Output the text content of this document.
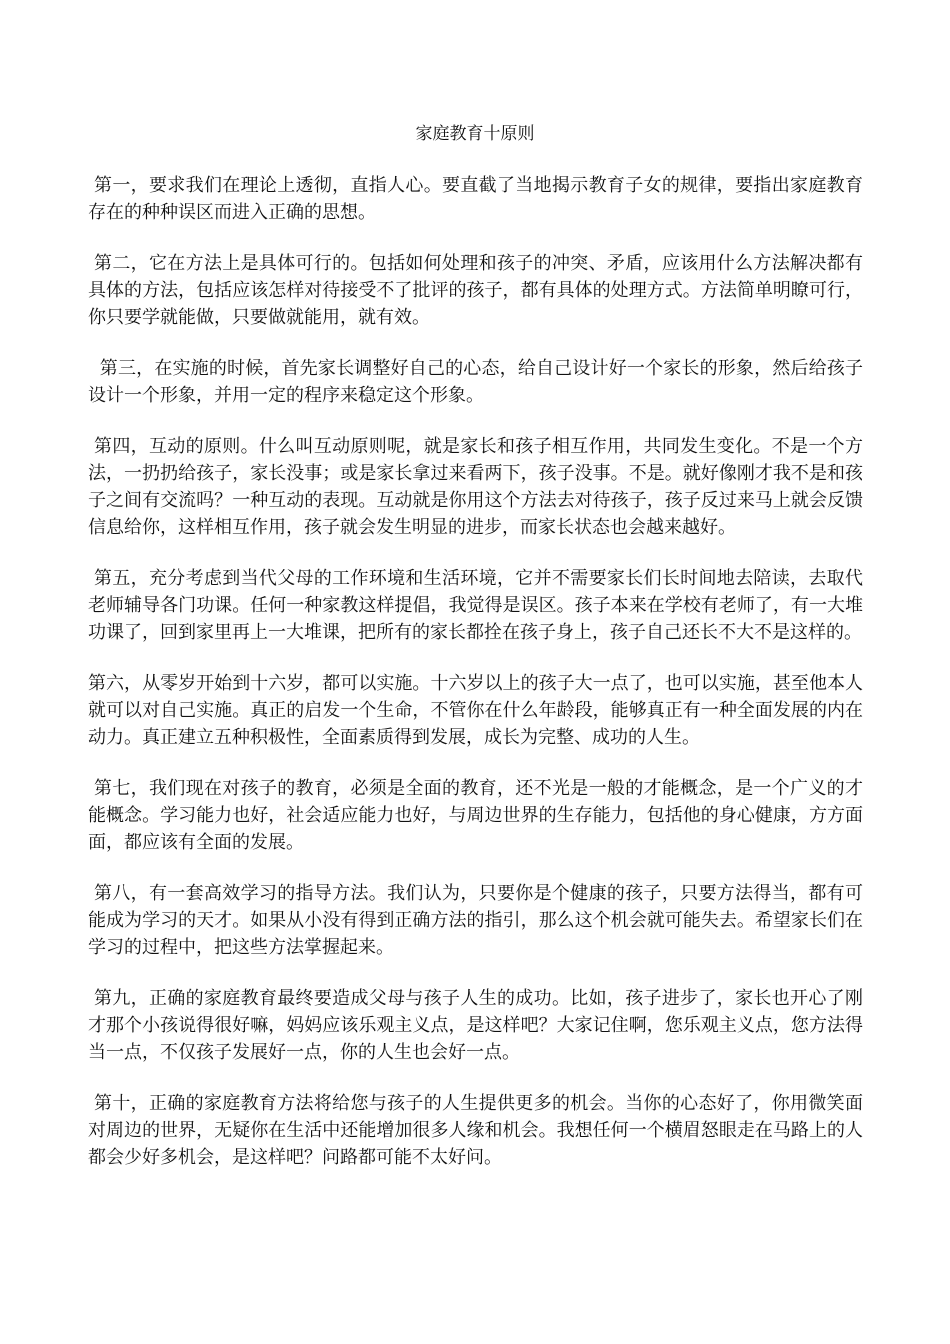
家庭教育十原则

第一，要求我们在理论上透彻，直指人心。要直截了当地揭示教育子女的规律，要指出家庭教育存在的种种误区而进入正确的思想。

第二，它在方法上是具体可行的。包括如何处理和孩子的冲突、矛盾，应该用什么方法解决都有具体的方法，包括应该怎样对待接受不了批评的孩子，都有具体的处理方式。方法简单明瞭可行，你只要学就能做，只要做就能用，就有效。

第三，在实施的时候，首先家长调整好自己的心态，给自己设计好一个家长的形象，然后给孩子设计一个形象，并用一定的程序来稳定这个形象。

第四，互动的原则。什么叫互动原则呢，就是家长和孩子相互作用，共同发生变化。不是一个方法，一扔扔给孩子，家长没事；或是家长拿过来看两下，孩子没事。不是。就好像刚才我不是和孩子之间有交流吗？一种互动的表现。互动就是你用这个方法去对待孩子，孩子反过来马上就会反馈信息给你，这样相互作用，孩子就会发生明显的进步，而家长状态也会越来越好。

第五，充分考虑到当代父母的工作环境和生活环境，它并不需要家长们长时间地去陪读，去取代老师辅导各门功课。任何一种家教这样提倡，我觉得是误区。孩子本来在学校有老师了，有一大堆功课了，回到家里再上一大堆课，把所有的家长都拴在孩子身上，孩子自己还长不大不是这样的。

第六，从零岁开始到十六岁，都可以实施。十六岁以上的孩子大一点了，也可以实施，甚至他本人就可以对自己实施。真正的启发一个生命，不管你在什么年龄段，能够真正有一种全面发展的内在动力。真正建立五种积极性，全面素质得到发展，成长为完整、成功的人生。

第七，我们现在对孩子的教育，必须是全面的教育，还不光是一般的才能概念，是一个广义的才能概念。学习能力也好，社会适应能力也好，与周边世界的生存能力，包括他的身心健康，方方面面，都应该有全面的发展。

第八，有一套高效学习的指导方法。我们认为，只要你是个健康的孩子，只要方法得当，都有可能成为学习的天才。如果从小没有得到正确方法的指引，那么这个机会就可能失去。希望家长们在学习的过程中，把这些方法掌握起来。

第九，正确的家庭教育最终要造成父母与孩子人生的成功。比如，孩子进步了，家长也开心了刚才那个小孩说得很好嘛，妈妈应该乐观主义点，是这样吧？大家记住啊，您乐观主义点，您方法得当一点，不仅孩子发展好一点，你的人生也会好一点。

第十，正确的家庭教育方法将给您与孩子的人生提供更多的机会。当你的心态好了，你用微笑面对周边的世界，无疑你在生活中还能增加很多人缘和机会。我想任何一个横眉怒眼走在马路上的人都会少好多机会，是这样吧？问路都可能不太好问。
